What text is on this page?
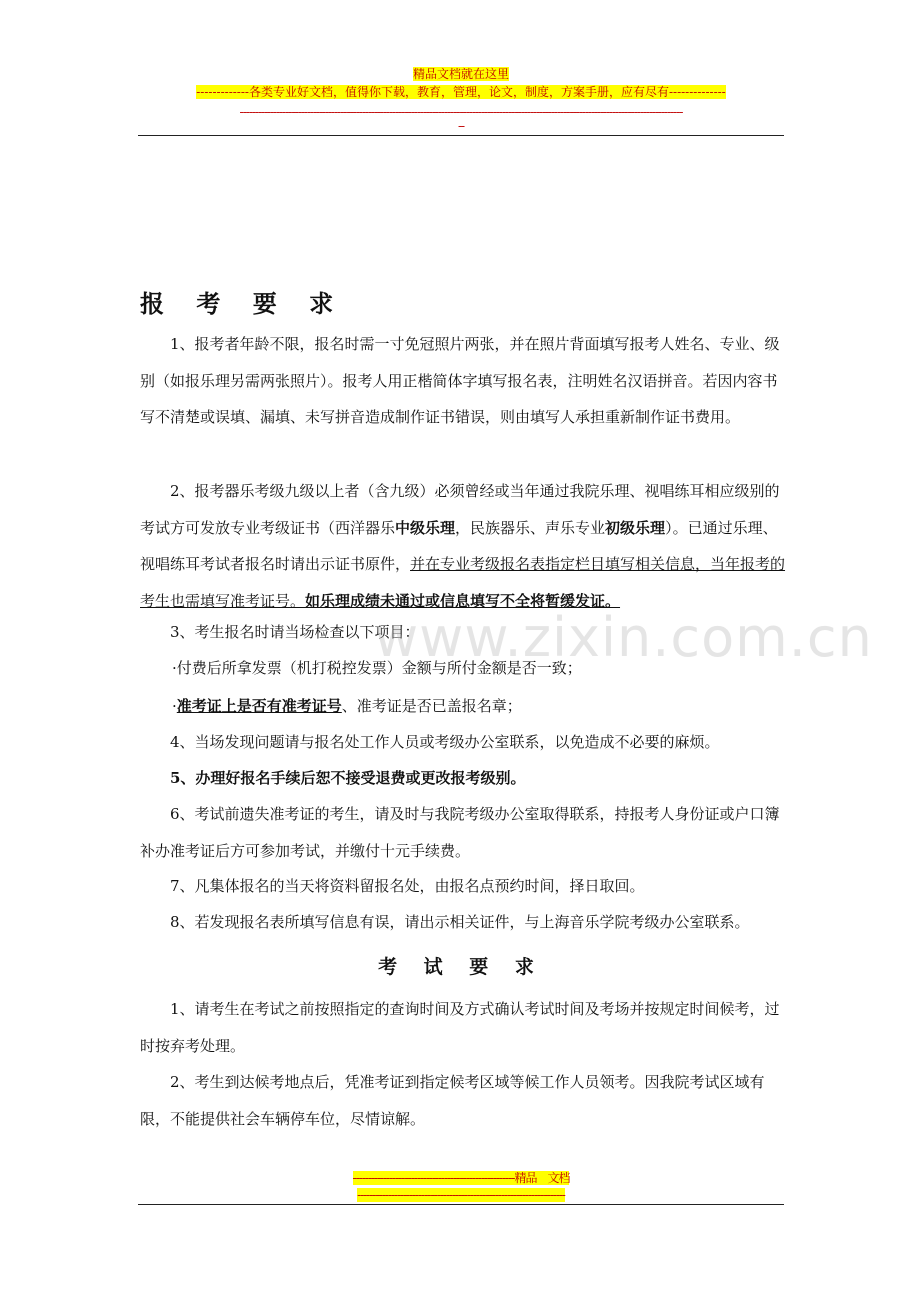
精品文档就在这里
-------------各类专业好文档，值得你下载，教育，管理，论文，制度，方案手册，应有尽有--------------
-------------------------------------------------------------------------------------------------------------------------------------------------
--
报 考 要 求

1、报考者年龄不限，报名时需一寸免冠照片两张，并在照片背面填写报考人姓名、专业、级别（如报乐理另需两张照片）。报考人用正楷简体字填写报名表，注明姓名汉语拼音。若因内容书写不清楚或误填、漏填、未写拼音造成制作证书错误，则由填写人承担重新制作证书费用。

2、报考器乐考级九级以上者（含九级）必须曾经或当年通过我院乐理、视唱练耳相应级别的考试方可发放专业考级证书（西洋器乐中级乐理，民族器乐、声乐专业初级乐理）。已通过乐理、视唱练耳考试者报名时请出示证书原件，并在专业考级报名表指定栏目填写相关信息，当年报考的考生也需填写准考证号。如乐理成绩未通过或信息填写不全将暂缓发证。

3、考生报名时请当场检查以下项目：

·付费后所拿发票（机打税控发票）金额与所付金额是否一致；

·准考证上是否有准考证号、准考证是否已盖报名章；

4、当场发现问题请与报名处工作人员或考级办公室联系，以免造成不必要的麻烦。

5、办理好报名手续后恕不接受退费或更改报考级别。

6、考试前遗失准考证的考生，请及时与我院考级办公室取得联系，持报考人身份证或户口簿补办准考证后方可参加考试，并缴付十元手续费。

7、凡集体报名的当天将资料留报名处，由报名点预约时间，择日取回。

8、若发现报名表所填写信息有误，请出示相关证件，与上海音乐学院考级办公室联系。

考 试 要 求

1、请考生在考试之前按照指定的查询时间及方式确认考试时间及考场并按规定时间候考，过时按弃考处理。

2、考生到达候考地点后，凭准考证到指定候考区域等候工作人员领考。因我院考试区域有限，不能提供社会车辆停车位，尽情谅解。

www.zixin.com.cn
-----------------------------------------------------精品　文档
--------------------------------------------------------------------
